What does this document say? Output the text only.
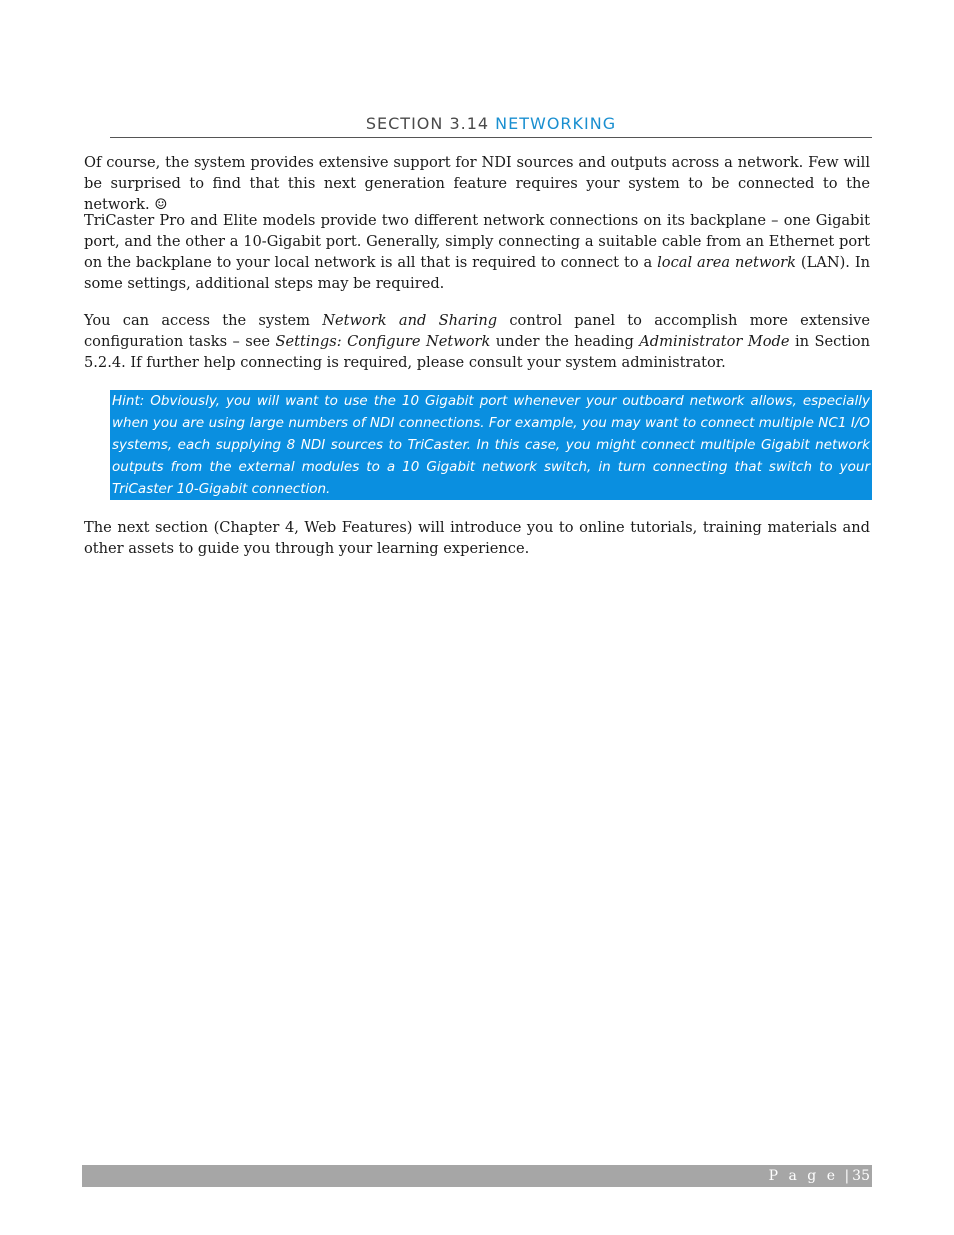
SECTION 3.14 NETWORKING

Of course, the system provides extensive support for NDI sources and outputs across a network. Few will be surprised to find that this next generation feature requires your system to be connected to the network. ☺

TriCaster Pro and Elite models provide two different network connections on its backplane – one Gigabit port, and the other a 10-Gigabit port. Generally, simply connecting a suitable cable from an Ethernet port on the backplane to your local network is all that is required to connect to a local area network (LAN). In some settings, additional steps may be required.

You can access the system Network and Sharing control panel to accomplish more extensive configuration tasks – see Settings: Configure Network under the heading Administrator Mode in Section 5.2.4. If further help connecting is required, please consult your system administrator.

Hint: Obviously, you will want to use the 10 Gigabit port whenever your outboard network allows, especially when you are using large numbers of NDI connections. For example, you may want to connect multiple NC1 I/O systems, each supplying 8 NDI sources to TriCaster. In this case, you might connect multiple Gigabit network outputs from the external modules to a 10 Gigabit network switch, in turn connecting that switch to your TriCaster 10-Gigabit connection.

The next section (Chapter 4, Web Features) will introduce you to online tutorials, training materials and other assets to guide you through your learning experience.

P a g e | 35
